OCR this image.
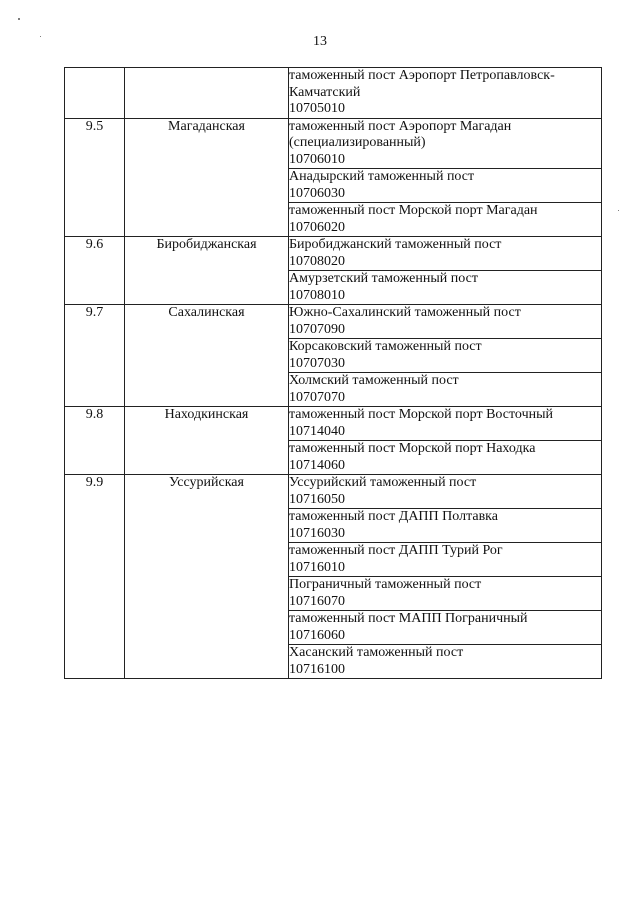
13

		таможенный пост Аэропорт Петропавловск-Камчатский
10705010

9.5	Магаданская	таможенный пост Аэропорт Магадан (специализированный)
10706010

		Анадырский таможенный пост
10706030

		таможенный пост Морской порт Магадан
10706020

9.6	Биробиджанская	Биробиджанский таможенный пост
10708020

		Амурзетский таможенный пост
10708010

9.7	Сахалинская	Южно-Сахалинский таможенный пост
10707090

		Корсаковский таможенный пост
10707030

		Холмский таможенный пост
10707070

9.8	Находкинская	таможенный пост Морской порт Восточный
10714040

		таможенный пост Морской порт Находка
10714060

9.9	Уссурийская	Уссурийский таможенный пост
10716050

		таможенный пост ДАПП Полтавка
10716030

		таможенный пост ДАПП Турий Рог
10716010

		Пограничный таможенный пост
10716070

		таможенный пост МАПП Пограничный
10716060

		Хасанский таможенный пост
10716100
